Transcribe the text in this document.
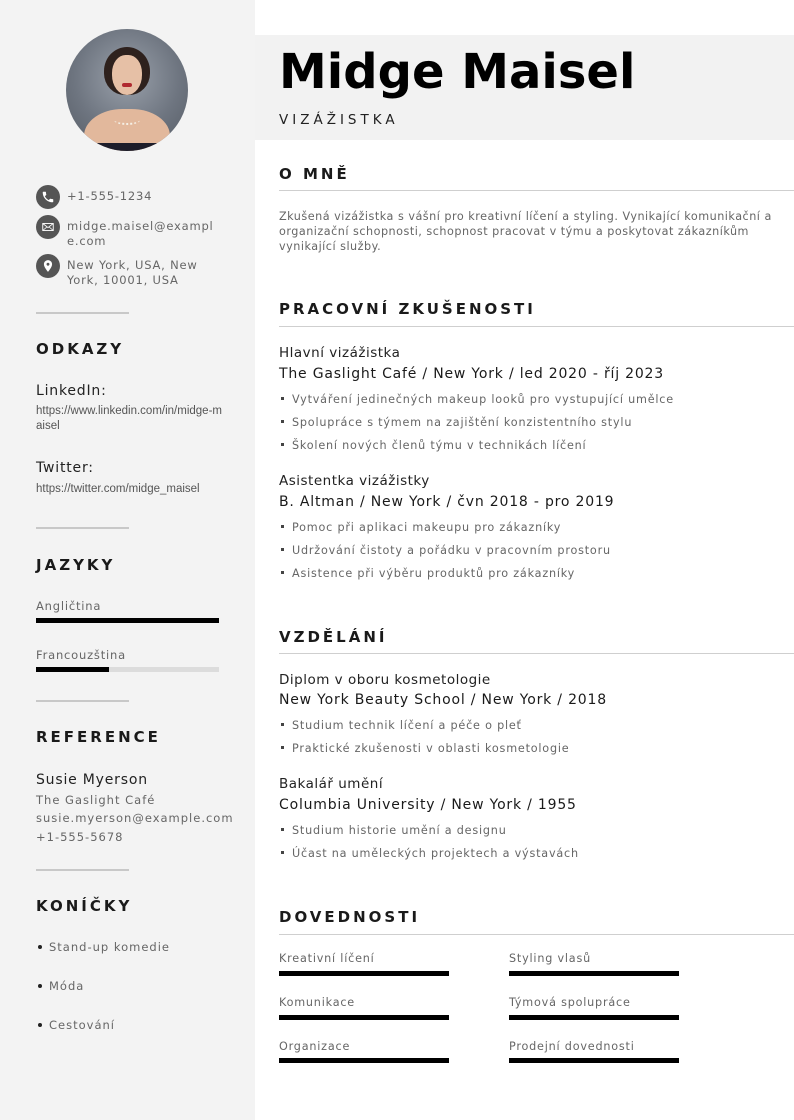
+1-555-1234
midge.maisel@example.com
New York, USA, New York, 10001, USA
ODKAZY
LinkedIn:
https://www.linkedin.com/in/midge-maisel
Twitter:
https://twitter.com/midge_maisel
JAZYKY
Angličtina
Francouzština
REFERENCE
Susie Myerson
The Gaslight Café
susie.myerson@example.com
+1-555-5678
KONÍČKY
Stand-up komedie
Móda
Cestování
Midge Maisel
VIZÁŽISTKA
O MNĚ

Zkušená vizážistka s vášní pro kreativní líčení a styling. Vynikající komunikační a organizační schopnosti, schopnost pracovat v týmu a poskytovat zákazníkům vynikající služby.

PRACOVNÍ ZKUŠENOSTI
Hlavní vizážistka
The Gaslight Café / New York / led 2020 - říj 2023
Vytváření jedinečných makeup looků pro vystupující umělce
Spolupráce s týmem na zajištění konzistentního stylu
Školení nových členů týmu v technikách líčení
Asistentka vizážistky
B. Altman / New York / čvn 2018 - pro 2019
Pomoc při aplikaci makeupu pro zákazníky
Udržování čistoty a pořádku v pracovním prostoru
Asistence při výběru produktů pro zákazníky
VZDĚLÁNÍ
Diplom v oboru kosmetologie
New York Beauty School / New York / 2018
Studium technik líčení a péče o pleť
Praktické zkušenosti v oblasti kosmetologie
Bakalář umění
Columbia University / New York / 1955
Studium historie umění a designu
Účast na uměleckých projektech a výstavách
DOVEDNOSTI
Kreativní líčení	Styling vlasů
Komunikace	Týmová spolupráce
Organizace	Prodejní dovednosti
